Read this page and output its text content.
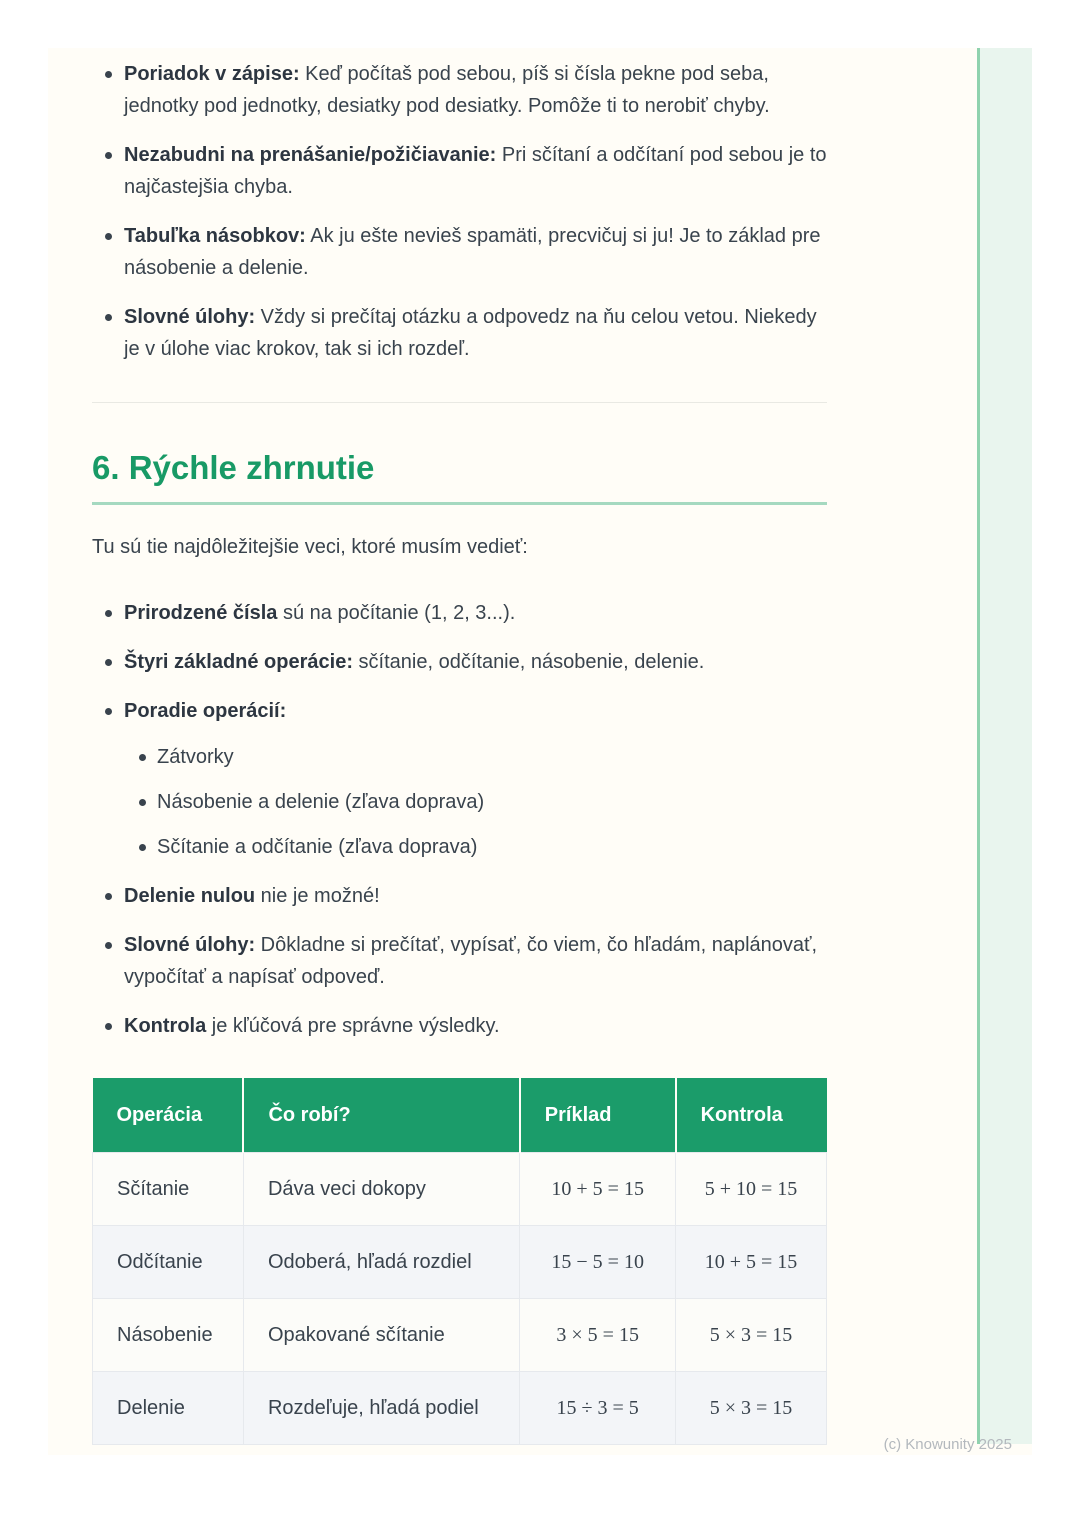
Poriadok v zápise: Keď počítaš pod sebou, píš si čísla pekne pod seba, jednotky pod jednotky, desiatky pod desiatky. Pomôže ti to nerobiť chyby.
Nezabudni na prenášanie/požičiavanie: Pri sčítaní a odčítaní pod sebou je to najčastejšia chyba.
Tabuľka násobkov: Ak ju ešte nevieš spamäti, precvičuj si ju! Je to základ pre násobenie a delenie.
Slovné úlohy: Vždy si prečítaj otázku a odpovedz na ňu celou vetou. Niekedy je v úlohe viac krokov, tak si ich rozdeľ.
6. Rýchle zhrnutie

Tu sú tie najdôležitejšie veci, ktoré musím vedieť:

Prirodzené čísla sú na počítanie (1, 2, 3...).
Štyri základné operácie: sčítanie, odčítanie, násobenie, delenie.
Poradie operácií:
Zátvorky
Násobenie a delenie (zľava doprava)
Sčítanie a odčítanie (zľava doprava)
Delenie nulou nie je možné!
Slovné úlohy: Dôkladne si prečítať, vypísať, čo viem, čo hľadám, naplánovať, vypočítať a napísať odpoveď.
Kontrola je kľúčová pre správne výsledky.
Operácia	Čo robí?	Príklad	Kontrola
Sčítanie	Dáva veci dokopy	10 + 5 = 15	5 + 10 = 15
Odčítanie	Odoberá, hľadá rozdiel	15 − 5 = 10	10 + 5 = 15
Násobenie	Opakované sčítanie	3 × 5 = 15	5 × 3 = 15
Delenie	Rozdeľuje, hľadá podiel	15 ÷ 3 = 5	5 × 3 = 15
(c) Knowunity 2025
